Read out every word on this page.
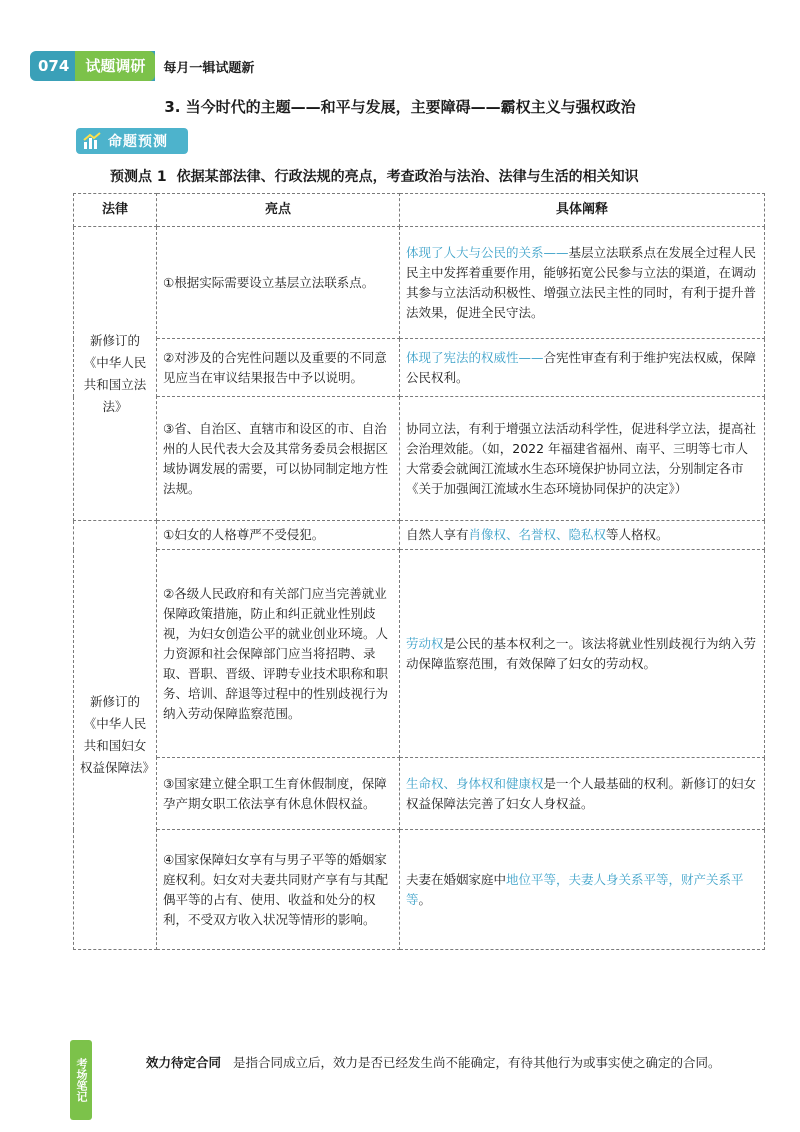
074	试题调研	每月一辑试题新
3. 当今时代的主题——和平与发展，主要障碍——霸权主义与强权政治
命题预测
预测点 1 依据某部法律、行政法规的亮点，考查政治与法治、法律与生活的相关知识
法律	亮点	具体阐释
新修订的《中华人民共和国立法法》	①根据实际需要设立基层立法联系点。	体现了人大与公民的关系——基层立法联系点在发展全过程人民民主中发挥着重要作用，能够拓宽公民参与立法的渠道，在调动其参与立法活动积极性、增强立法民主性的同时，有利于提升普法效果，促进全民守法。
	②对涉及的合宪性问题以及重要的不同意见应当在审议结果报告中予以说明。	体现了宪法的权威性——合宪性审查有利于维护宪法权威，保障公民权利。
	③省、自治区、直辖市和设区的市、自治州的人民代表大会及其常务委员会根据区域协调发展的需要，可以协同制定地方性法规。	协同立法，有利于增强立法活动科学性，促进科学立法，提高社会治理效能。（如，2022 年福建省福州、南平、三明等七市人大常委会就闽江流域水生态环境保护协同立法，分别制定各市《关于加强闽江流域水生态环境协同保护的决定》）
新修订的《中华人民共和国妇女权益保障法》	①妇女的人格尊严不受侵犯。	自然人享有肖像权、名誉权、隐私权等人格权。
	②各级人民政府和有关部门应当完善就业保障政策措施，防止和纠正就业性别歧视，为妇女创造公平的就业创业环境。人力资源和社会保障部门应当将招聘、录取、晋职、晋级、评聘专业技术职称和职务、培训、辞退等过程中的性别歧视行为纳入劳动保障监察范围。	劳动权是公民的基本权利之一。该法将就业性别歧视行为纳入劳动保障监察范围，有效保障了妇女的劳动权。
	③国家建立健全职工生育休假制度，保障孕产期女职工依法享有休息休假权益。	生命权、身体权和健康权是一个人最基础的权利。新修订的妇女权益保障法完善了妇女人身权益。
	④国家保障妇女享有与男子平等的婚姻家庭权利。妇女对夫妻共同财产享有与其配偶平等的占有、使用、收益和处分的权利，不受双方收入状况等情形的影响。	夫妻在婚姻家庭中地位平等，夫妻人身关系平等，财产关系平等。
考场笔记	效力待定合同 是指合同成立后，效力是否已经发生尚不能确定，有待其他行为或事实使之确定的合同。
